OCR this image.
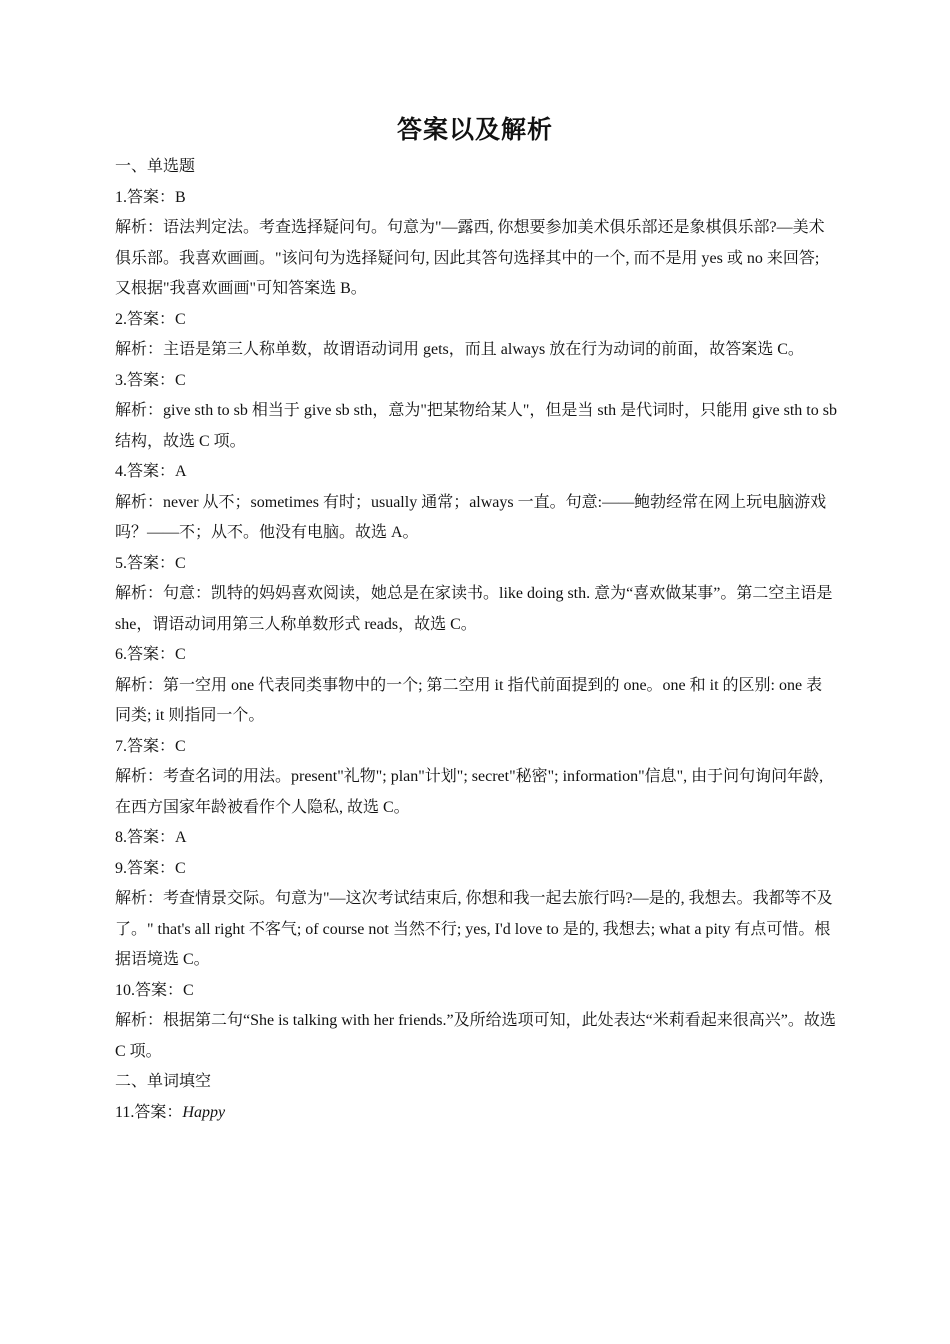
答案以及解析

一、单选题

1.答案：B

解析：语法判定法。考查选择疑问句。句意为"—露西, 你想要参加美术俱乐部还是象棋俱乐部?—美术俱乐部。我喜欢画画。"该问句为选择疑问句, 因此其答句选择其中的一个, 而不是用 yes 或 no 来回答; 又根据"我喜欢画画"可知答案选 B。

2.答案：C

解析：主语是第三人称单数，故谓语动词用 gets，而且 always 放在行为动词的前面，故答案选 C。

3.答案：C

解析：give sth to sb 相当于 give sb sth，意为"把某物给某人"，但是当 sth 是代词时，只能用 give sth to sb 结构，故选 C 项。

4.答案：A

解析：never 从不；sometimes 有时；usually 通常；always 一直。句意:——鲍勃经常在网上玩电脑游戏吗？——不；从不。他没有电脑。故选 A。

5.答案：C

解析：句意：凯特的妈妈喜欢阅读，她总是在家读书。like doing sth. 意为“喜欢做某事”。第二空主语是 she，谓语动词用第三人称单数形式 reads，故选 C。

6.答案：C

解析：第一空用 one 代表同类事物中的一个; 第二空用 it 指代前面提到的 one。one 和 it 的区别: one 表同类; it 则指同一个。

7.答案：C

解析：考查名词的用法。present"礼物"; plan"计划"; secret"秘密"; information"信息", 由于问句询问年龄, 在西方国家年龄被看作个人隐私, 故选 C。

8.答案：A

9.答案：C

解析：考查情景交际。句意为"—这次考试结束后, 你想和我一起去旅行吗?—是的, 我想去。我都等不及了。" that's all right 不客气; of course not 当然不行; yes, I'd love to 是的, 我想去; what a pity 有点可惜。根据语境选 C。

10.答案：C

解析：根据第二句“She is talking with her friends.”及所给选项可知，此处表达“米莉看起来很高兴”。故选 C 项。

二、单词填空

11.答案：Happy
